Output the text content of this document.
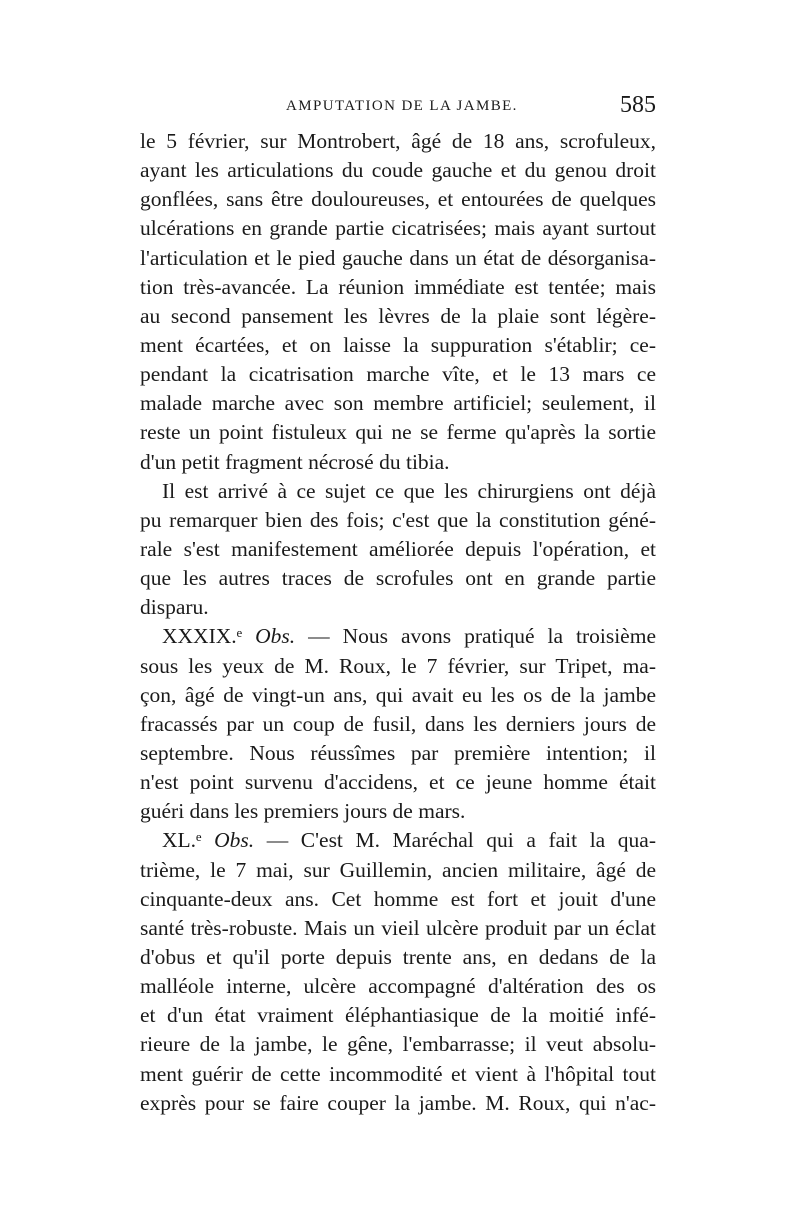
AMPUTATION DE LA JAMBE.	585
le 5 février, sur Montrobert, âgé de 18 ans, scrofuleux,
ayant les articulations du coude gauche et du genou droit
gonflées, sans être douloureuses, et entourées de quelques
ulcérations en grande partie cicatrisées; mais ayant surtout
l'articulation et le pied gauche dans un état de désorganisa-
tion très-avancée. La réunion immédiate est tentée; mais
au second pansement les lèvres de la plaie sont légère-
ment écartées, et on laisse la suppuration s'établir; ce-
pendant la cicatrisation marche vîte, et le 13 mars ce
malade marche avec son membre artificiel; seulement, il
reste un point fistuleux qui ne se ferme qu'après la sortie
d'un petit fragment nécrosé du tibia.
Il est arrivé à ce sujet ce que les chirurgiens ont déjà
pu remarquer bien des fois; c'est que la constitution géné-
rale s'est manifestement améliorée depuis l'opération, et
que les autres traces de scrofules ont en grande partie
disparu.
XXXIX.ᵉ Obs. — Nous avons pratiqué la troisième
sous les yeux de M. Roux, le 7 février, sur Tripet, ma-
çon, âgé de vingt-un ans, qui avait eu les os de la jambe
fracassés par un coup de fusil, dans les derniers jours de
septembre. Nous réussîmes par première intention; il
n'est point survenu d'accidens, et ce jeune homme était
guéri dans les premiers jours de mars.
XL.ᵉ Obs. — C'est M. Maréchal qui a fait la qua-
trième, le 7 mai, sur Guillemin, ancien militaire, âgé de
cinquante-deux ans. Cet homme est fort et jouit d'une
santé très-robuste. Mais un vieil ulcère produit par un éclat
d'obus et qu'il porte depuis trente ans, en dedans de la
malléole interne, ulcère accompagné d'altération des os
et d'un état vraiment éléphantiasique de la moitié infé-
rieure de la jambe, le gêne, l'embarrasse; il veut absolu-
ment guérir de cette incommodité et vient à l'hôpital tout
exprès pour se faire couper la jambe. M. Roux, qui n'ac-
